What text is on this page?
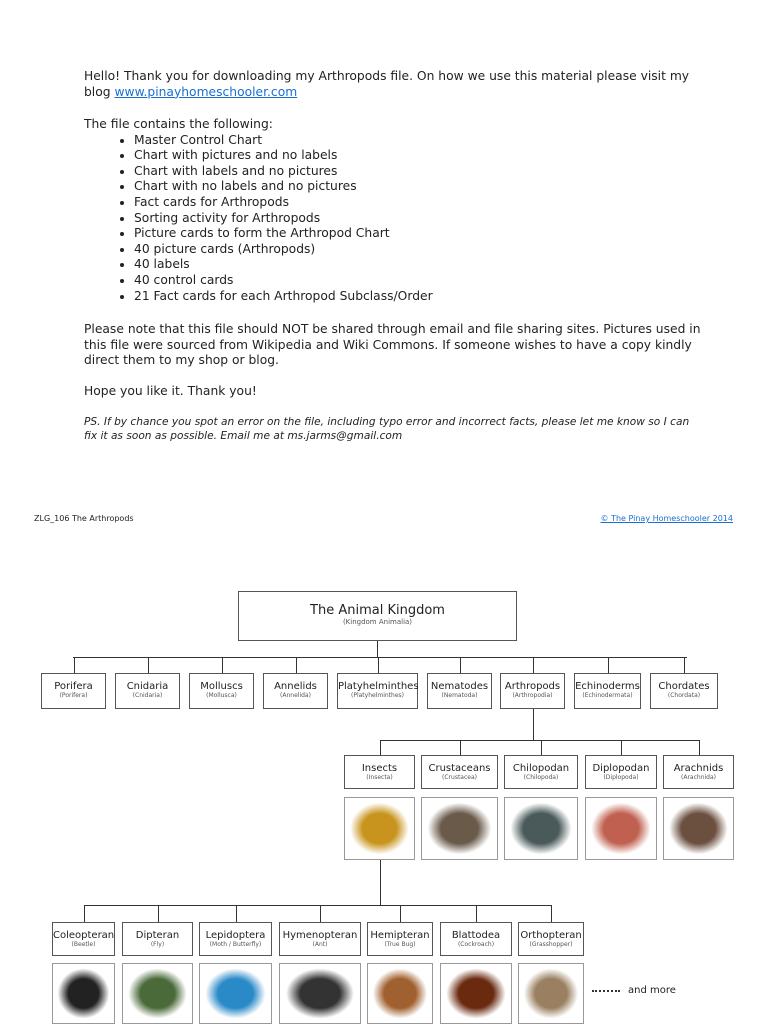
Hello! Thank you for downloading my Arthropods file. On how we use this material please visit my blog www.pinayhomeschooler.com
The file contains the following:
• Master Control Chart
• Chart with pictures and no labels
• Chart with labels and no pictures
• Chart with no labels and no pictures
• Fact cards for Arthropods
• Sorting activity for Arthropods
• Picture cards to form the Arthropod Chart
• 40 picture cards (Arthropods)
• 40 labels
• 40 control cards
• 21 Fact cards for each Arthropod Subclass/Order
Please note that this file should NOT be shared through email and file sharing sites. Pictures used in this file were sourced from Wikipedia and Wiki Commons. If someone wishes to have a copy kindly direct them to my shop or blog.
Hope you like it. Thank you!
PS. If by chance you spot an error on the file, including typo error and incorrect facts, please let me know so I can fix it as soon as possible. Email me at ms.jarms@gmail.com
ZLG_106 The Arthropods	© The Pinay Homeschooler 2014
The Animal Kingdom
(Kingdom Animalia)
Porifera
(Porifera)
Cnidaria
(Cnidaria)
Molluscs
(Mollusca)
Annelids
(Annelida)
Platyhelminthes
(Platyhelminthes)
Nematodes
(Nematoda)
Arthropods
(Arthropodia)
Echinoderms
(Echinodermata)
Chordates
(Chordata)
Insects
(Insecta)
Crustaceans
(Crustacea)
Chilopodan
(Chilopoda)
Diplopodan
(Diplopoda)
Arachnids
(Arachnida)
Coleopteran
(Beetle)
Dipteran
(Fly)
Lepidoptera
(Moth / Butterfly)
Hymenopteran
(Ant)
Hemipteran
(True Bug)
Blattodea
(Cockroach)
Orthopteran
(Grasshopper)
and more
